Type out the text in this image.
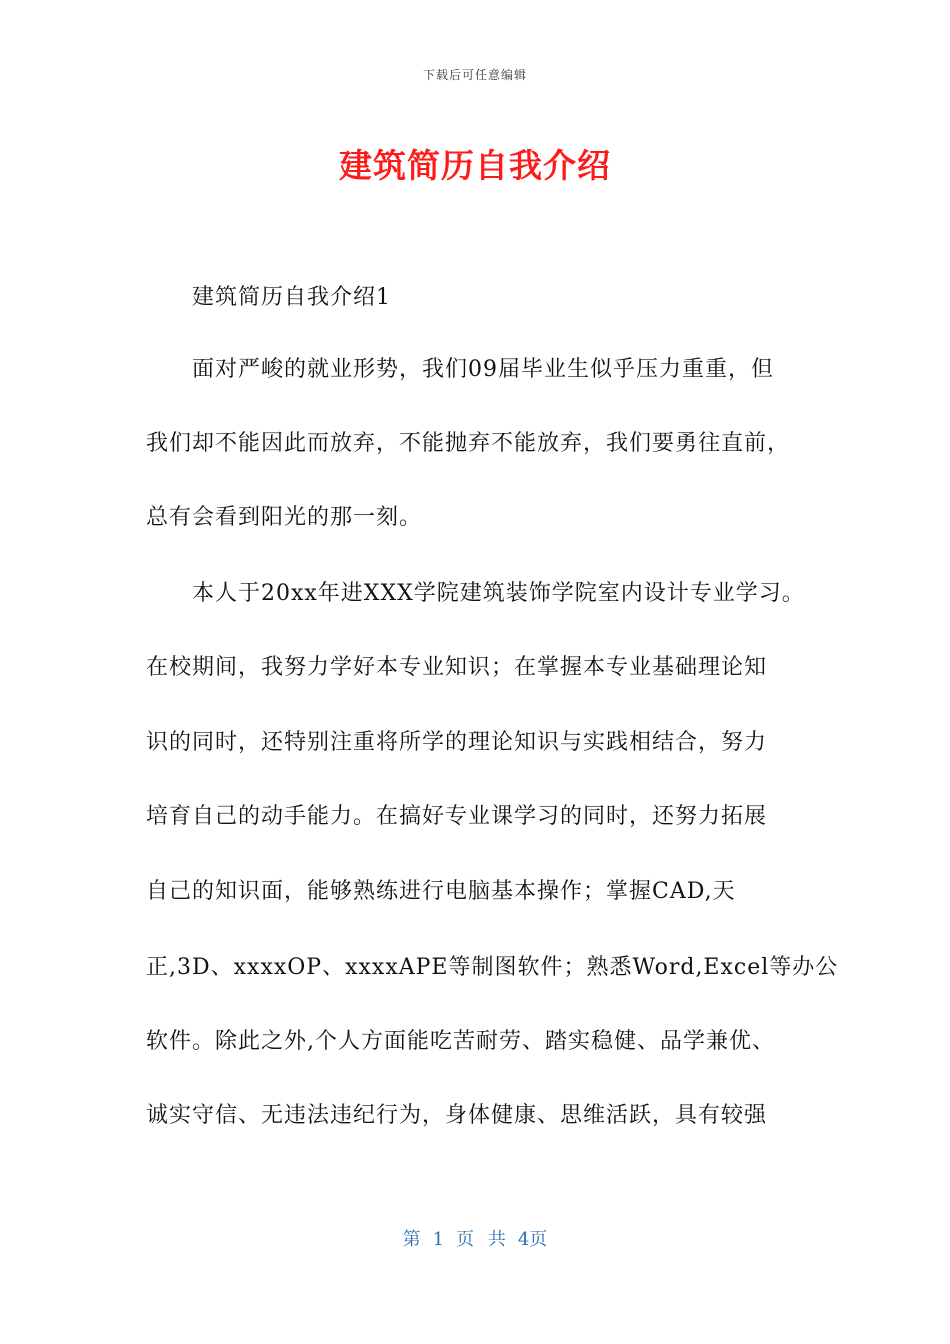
下载后可任意编辑
建筑简历自我介绍
建筑简历自我介绍1
面对严峻的就业形势，我们09届毕业生似乎压力重重，但
我们却不能因此而放弃，不能抛弃不能放弃，我们要勇往直前，
总有会看到阳光的那一刻。
本人于20xx年进XXX学院建筑装饰学院室内设计专业学习。
在校期间，我努力学好本专业知识；在掌握本专业基础理论知
识的同时，还特别注重将所学的理论知识与实践相结合，努力
培育自己的动手能力。在搞好专业课学习的同时，还努力拓展
自己的知识面，能够熟练进行电脑基本操作；掌握CAD,天
正,3D、xxxxOP、xxxxAPE等制图软件；熟悉Word,Excel等办公
软件。除此之外,个人方面能吃苦耐劳、踏实稳健、品学兼优、
诚实守信、无违法违纪行为，身体健康、思维活跃，具有较强
第 1 页 共 4页
